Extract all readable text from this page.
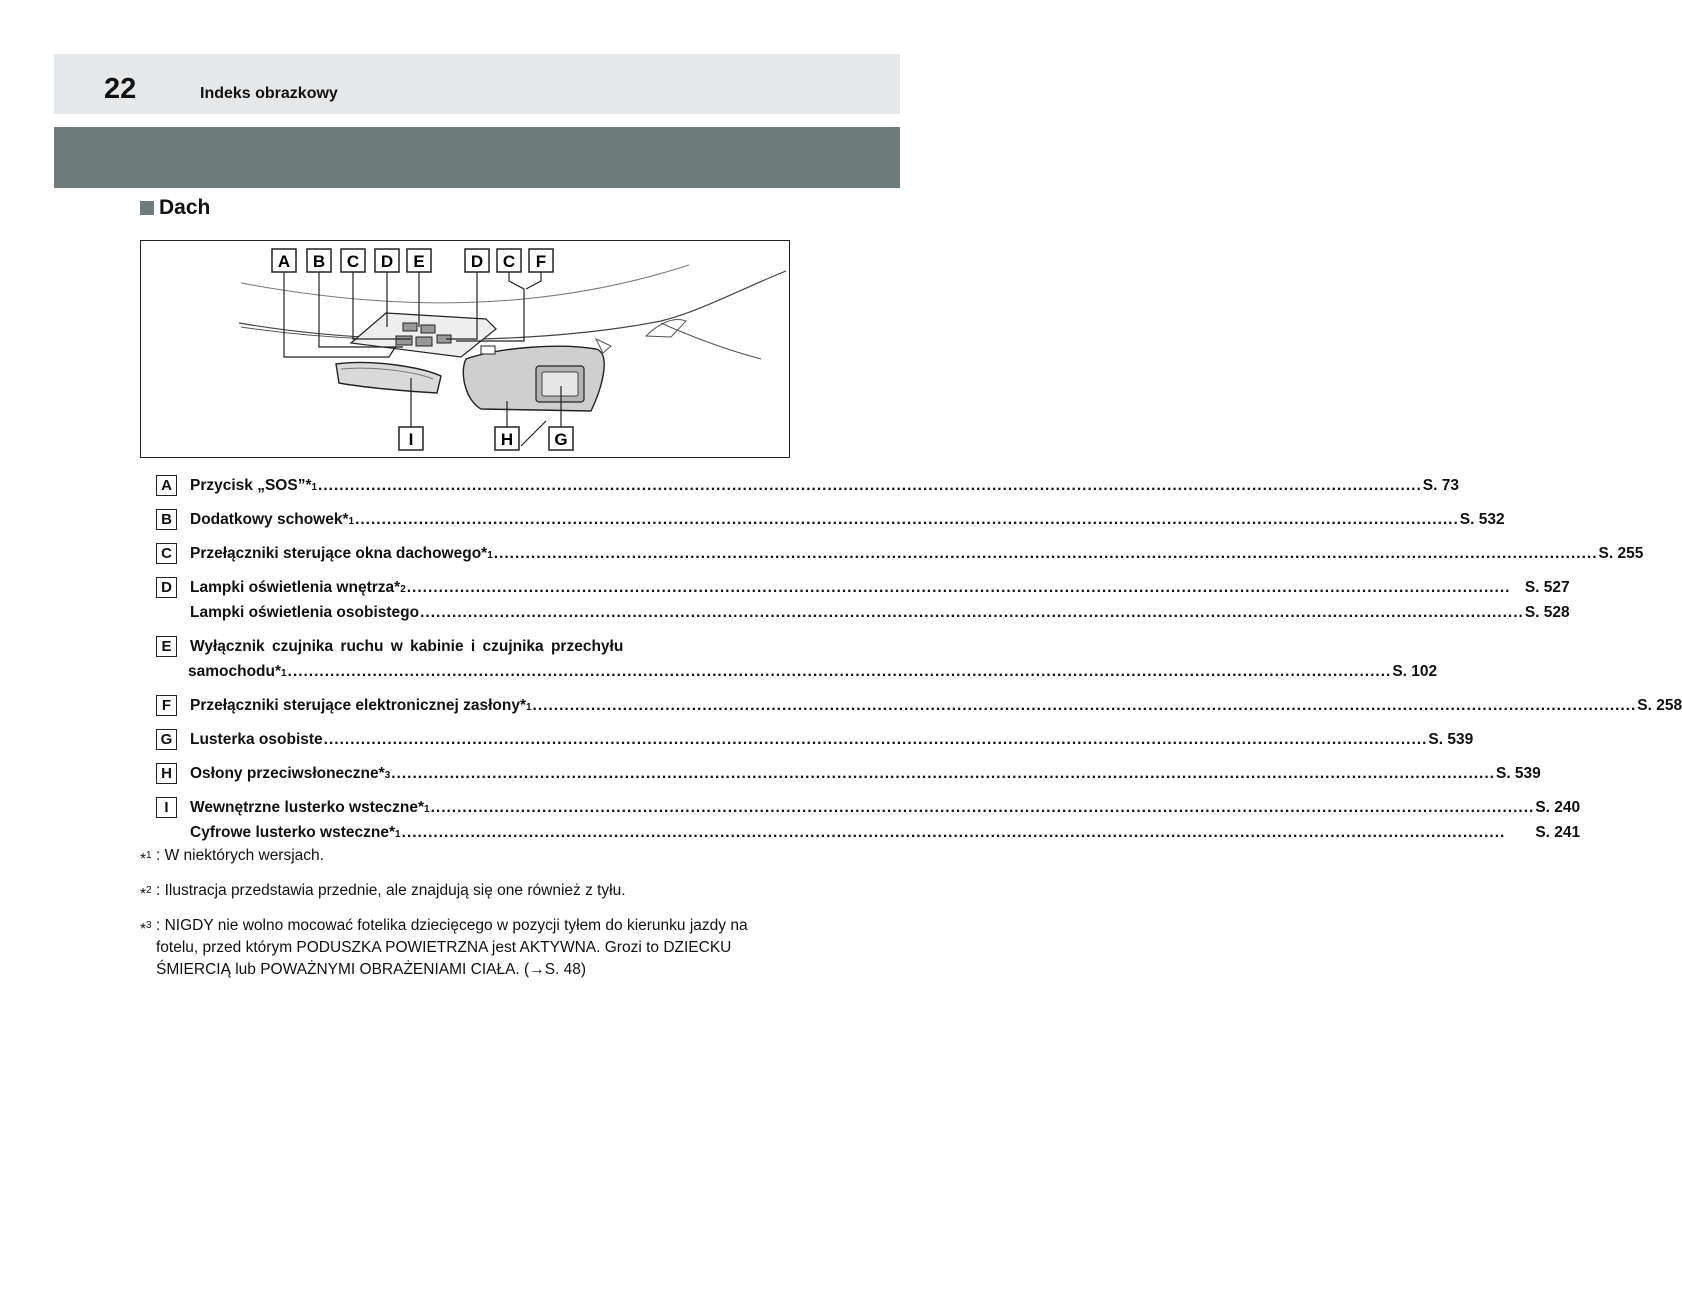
22	Indeks obrazkowy
Dach
A B C D E	D C F
I	H G
A	Przycisk „SOS”* 1 .....	S. 73
B	Dodatkowy schowek* 1 .....	S. 532
C	Przełączniki sterujące okna dachowego* 1 .....	S. 255
D	Lampki oświetlenia wnętrza* 2 .....	S. 527
Lampki oświetlenia osobistego .....	S. 528
E	Wyłącznik czujnika ruchu w kabinie i czujnika przechyłu
samochodu* 1 .....	S. 102
F	Przełączniki sterujące elektronicznej zasłony* 1 .....	S. 258
G	Lusterka osobiste .....	S. 539
H	Osłony przeciwsłoneczne* 3 .....	S. 539
I	Wewnętrzne lusterko wsteczne* 1 .....	S. 240
Cyfrowe lusterko wsteczne* 1 .....	S. 241
*$^1$ : W niektórych wersjach.
*$^2$ : Ilustracja przedstawia przednie, ale znajdują się one również z tyłu.
*$^3$ : NIGDY nie wolno mocować fotelika dziecięcego w pozycji tyłem do kierunku jazdy na fotelu, przed którym PODUSZKA POWIETRZNA jest AKTYWNA. Grozi to DZIECKU ŚMIERCIĄ lub POWAŻNYMI OBRAŻENIAMI CIAŁA. (→S. 48)
